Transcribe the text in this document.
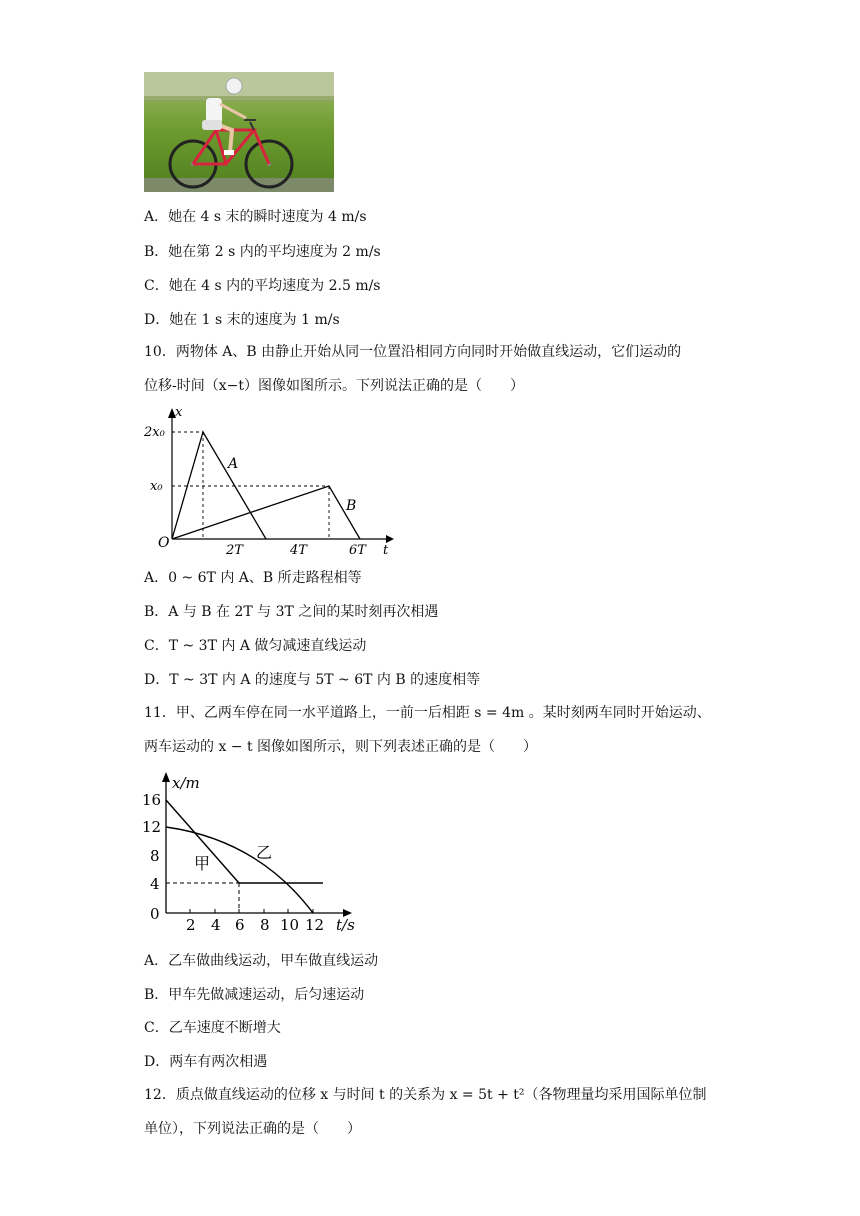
A．她在 4 s 末的瞬时速度为 4 m/s
B．她在第 2 s 内的平均速度为 2 m/s
C．她在 4 s 内的平均速度为 2.5 m/s
D．她在 1 s 末的速度为 1 m/s
10．两物体 A、B 由静止开始从同一位置沿相同方向同时开始做直线运动，它们运动的
位移-时间（x−t）图像如图所示。下列说法正确的是（　　）
x
2x₀
x₀
O	2T	4T	6T t
A
B
A．0 ~ 6T 内 A、B 所走路程相等
B．A 与 B 在 2T 与 3T 之间的某时刻再次相遇
C．T ~ 3T 内 A 做匀减速直线运动
D．T ~ 3T 内 A 的速度与 5T ~ 6T 内 B 的速度相等
11．甲、乙两车停在同一水平道路上，一前一后相距 s = 4m 。某时刻两车同时开始运动、
两车运动的 x − t 图像如图所示，则下列表述正确的是（　　）
16
12
8
4
0
2 4 6 8 10 12
x/m
t/s
甲
乙
A．乙车做曲线运动，甲车做直线运动
B．甲车先做减速运动，后匀速运动
C．乙车速度不断增大
D．两车有两次相遇
12．质点做直线运动的位移 x 与时间 t 的关系为 x = 5t + t²（各物理量均采用国际单位制
单位），下列说法正确的是（　　）
